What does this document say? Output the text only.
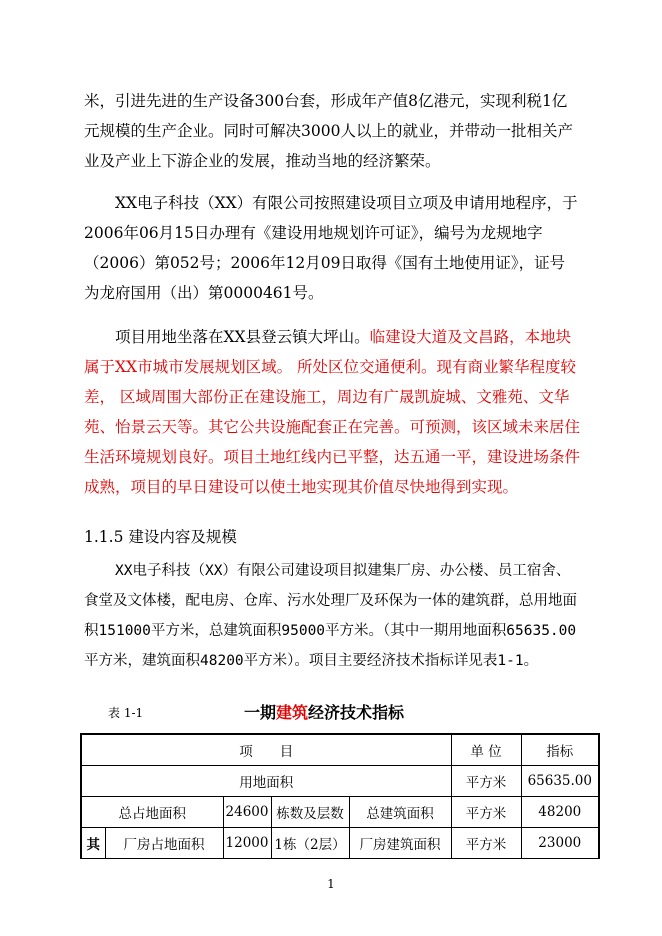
米，引进先进的生产设备300台套，形成年产值8亿港元，实现利税1亿元规模的生产企业。同时可解决3000人以上的就业，并带动一批相关产业及产业上下游企业的发展，推动当地的经济繁荣。

XX电子科技（XX）有限公司按照建设项目立项及申请用地程序，于2006年06月15日办理有《建设用地规划许可证》，编号为龙规地字（2006）第052号；2006年12月09日取得《国有土地使用证》，证号为龙府国用（出）第0000461号。

项目用地坐落在XX县登云镇大坪山。临建设大道及文昌路，本地块属于XX市城市发展规划区域。 所处区位交通便利。现有商业繁华程度较差， 区域周围大部份正在建设施工，周边有广晟凯旋城、文雅苑、文华苑、怡景云天等。其它公共设施配套正在完善。可预测，该区域未来居住生活环境规划良好。项目土地红线内已平整，达五通一平，建设进场条件成熟，项目的早日建设可以使土地实现其价值尽快地得到实现。

1.1.5 建设内容及规模

XX电子科技（XX）有限公司建设项目拟建集厂房、办公楼、员工宿舍、食堂及文体楼，配电房、仓库、污水处理厂及环保为一体的建筑群，总用地面积151000平方米，总建筑面积95000平方米。（其中一期用地面积65635.00平方米，建筑面积48200平方米）。项目主要经济技术指标详见表1-1。

表 1-1	一期建筑经济技术指标
项　　目					单 位	指标
用地面积					平方米	65635.00
总占地面积		24600	栋数及层数	总建筑面积	平方米	48200
其	厂房占地面积	12000	1栋（2层）	厂房建筑面积	平方米	23000
1
